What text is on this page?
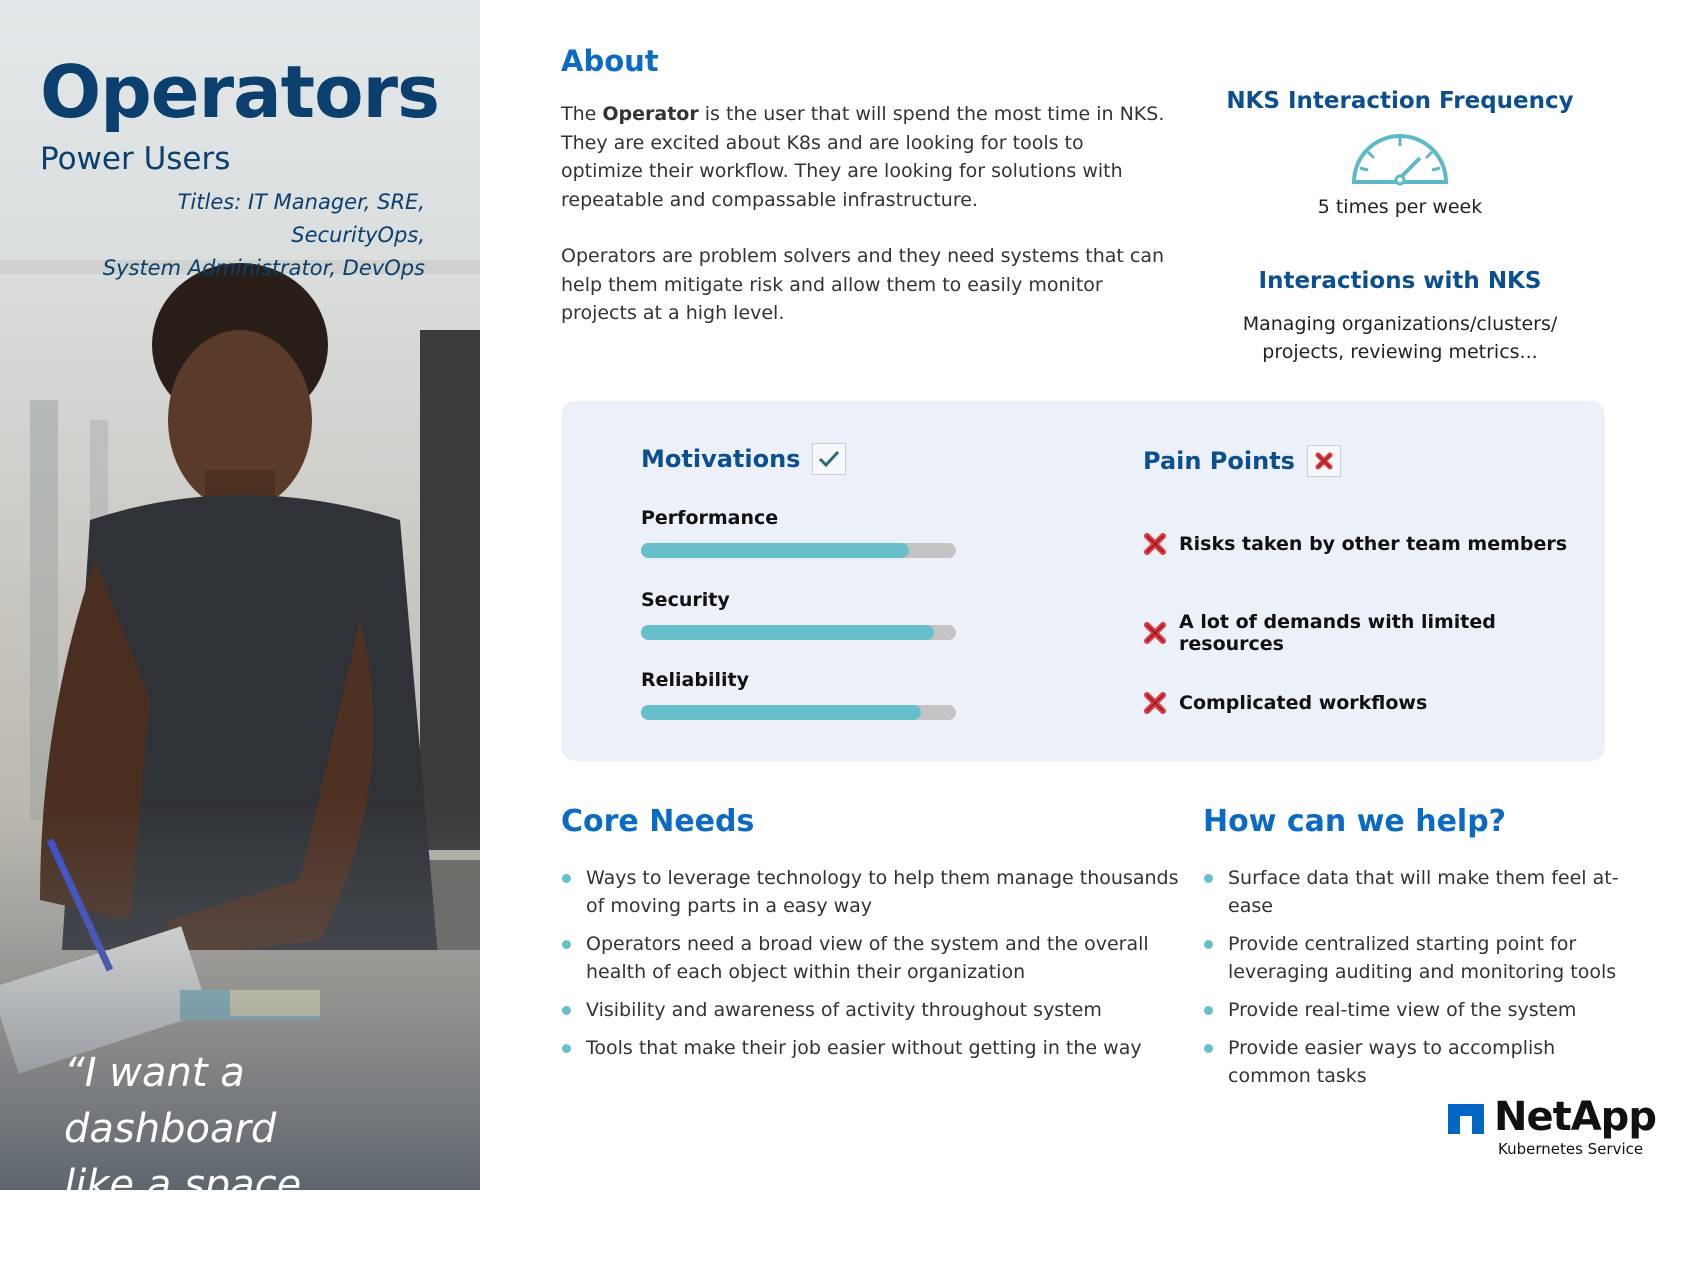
Operators
Power Users
Titles: IT Manager, SRE, SecurityOps,
System Administrator, DevOps
“I want a dashboard
like a space shuttle!”
About

The Operator is the user that will spend the most time in NKS. They are excited about K8s and are looking for tools to optimize their workflow. They are looking for solutions with repeatable and compassable infrastructure.

Operators are problem solvers and they need systems that can help them mitigate risk and allow them to easily monitor projects at a high level.

NKS Interaction Frequency
5 times per week
Interactions with NKS
Managing organizations/clusters/
projects, reviewing metrics...
Motivations
Performance
Security
Reliability
Pain Points
Risks taken by other team members
A lot of demands with limited resources
Complicated workflows
Core Needs
Ways to leverage technology to help them manage thousands of moving parts in a easy way
Operators need a broad view of the system and the overall health of each object within their organization
Visibility and awareness of activity throughout system
Tools that make their job easier without getting in the way
How can we help?
Surface data that will make them feel at-ease
Provide centralized starting point for leveraging auditing and monitoring tools
Provide real-time view of the system
Provide easier ways to accomplish common tasks
NetApp
Kubernetes Service
